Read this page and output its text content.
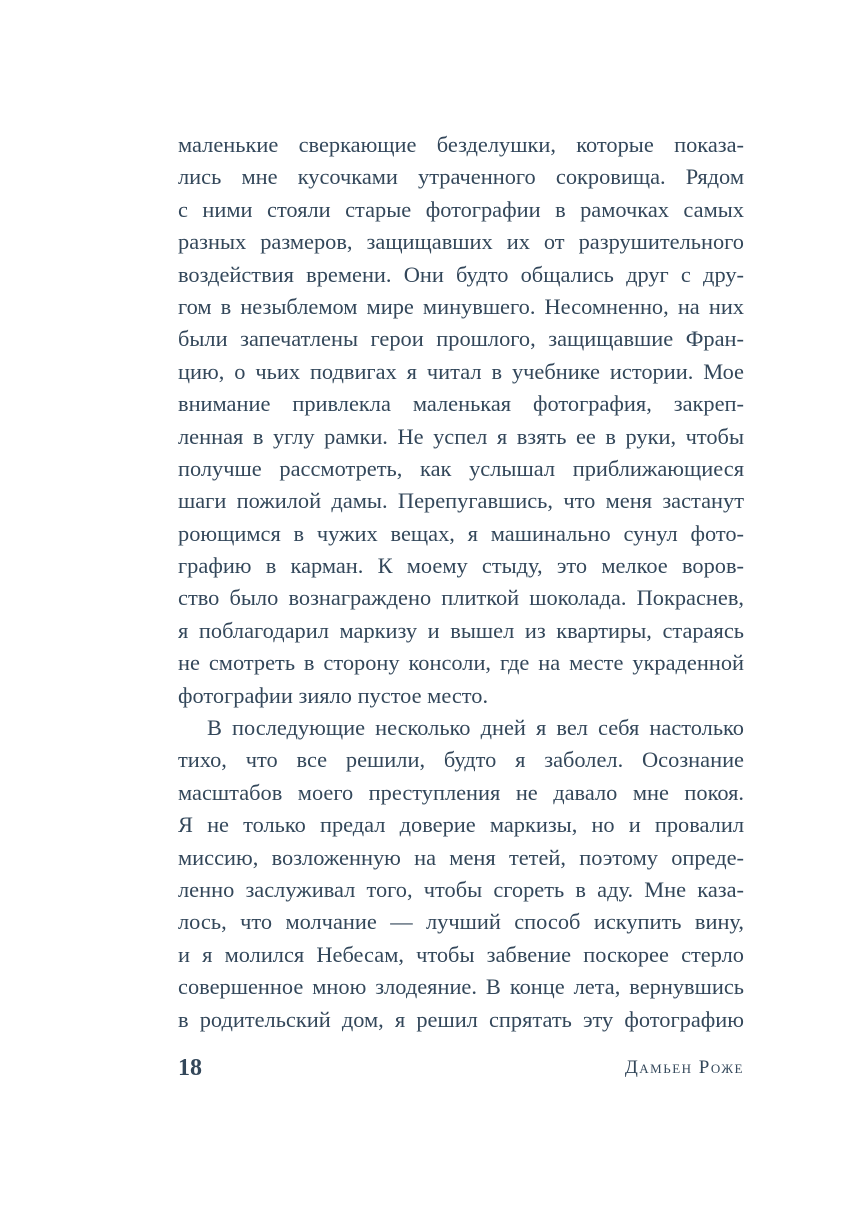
маленькие сверкающие безделушки, которые показа-
лись мне кусочками утраченного сокровища. Рядом
с ними стояли старые фотографии в рамочках самых
разных размеров, защищавших их от разрушительного
воздействия времени. Они будто общались друг с дру-
гом в незыблемом мире минувшего. Несомненно, на них
были запечатлены герои прошлого, защищавшие Фран-
цию, о чьих подвигах я читал в учебнике истории. Мое
внимание привлекла маленькая фотография, закреп-
ленная в углу рамки. Не успел я взять ее в руки, чтобы
получше рассмотреть, как услышал приближающиеся
шаги пожилой дамы. Перепугавшись, что меня застанут
роющимся в чужих вещах, я машинально сунул фото-
графию в карман. К моему стыду, это мелкое воров-
ство было вознаграждено плиткой шоколада. Покраснев,
я поблагодарил маркизу и вышел из квартиры, стараясь
не смотреть в сторону консоли, где на месте украденной
фотографии зияло пустое место.
В последующие несколько дней я вел себя настолько
тихо, что все решили, будто я заболел. Осознание
масштабов моего преступления не давало мне покоя.
Я не только предал доверие маркизы, но и провалил
миссию, возложенную на меня тетей, поэтому опреде-
ленно заслуживал того, чтобы сгореть в аду. Мне каза-
лось, что молчание — лучший способ искупить вину,
и я молился Небесам, чтобы забвение поскорее стерло
совершенное мною злодеяние. В конце лета, вернувшись
в родительский дом, я решил спрятать эту фотографию
18	Дамьен Роже
